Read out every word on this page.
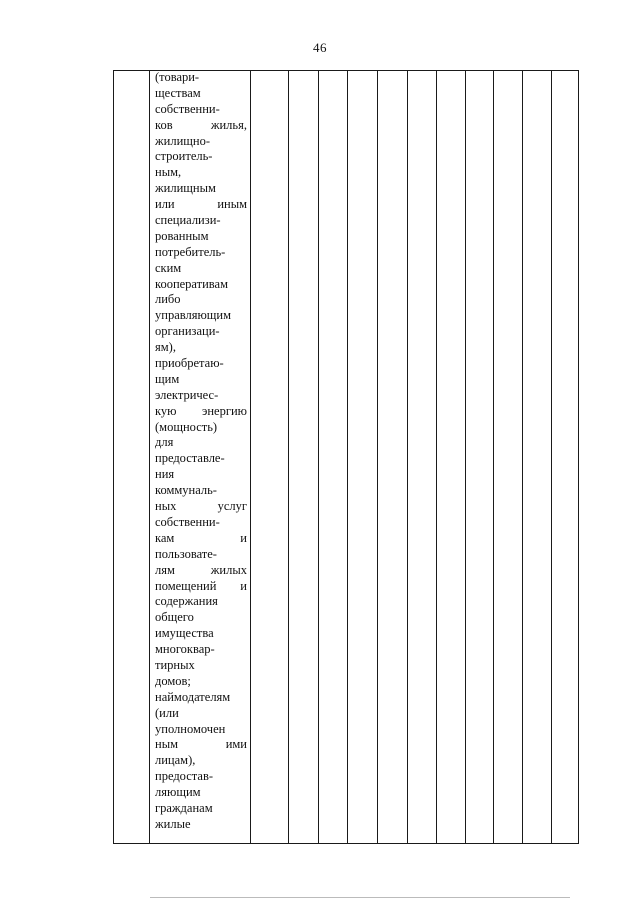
46
(товари-
ществам
собственни-
ков	жилья,
жилищно-
строитель-
ным,
жилищным
или	иным
специализи-
рованным
потребитель-
ским
кооперативам
либо
управляющим
организаци-
ям),
приобретаю-
щим
электричес-
кую энергию
(мощность)
для
предоставле-
ния
коммуналь-
ных	услуг
собственни-
кам	и
пользовате-
лям	жилых
помещений и
содержания
общего
имущества
многоквар-
тирных
домов;
наймодателям
(или
уполномочен
ным	ими
лицам),
предостав-
ляющим
гражданам
жилые
